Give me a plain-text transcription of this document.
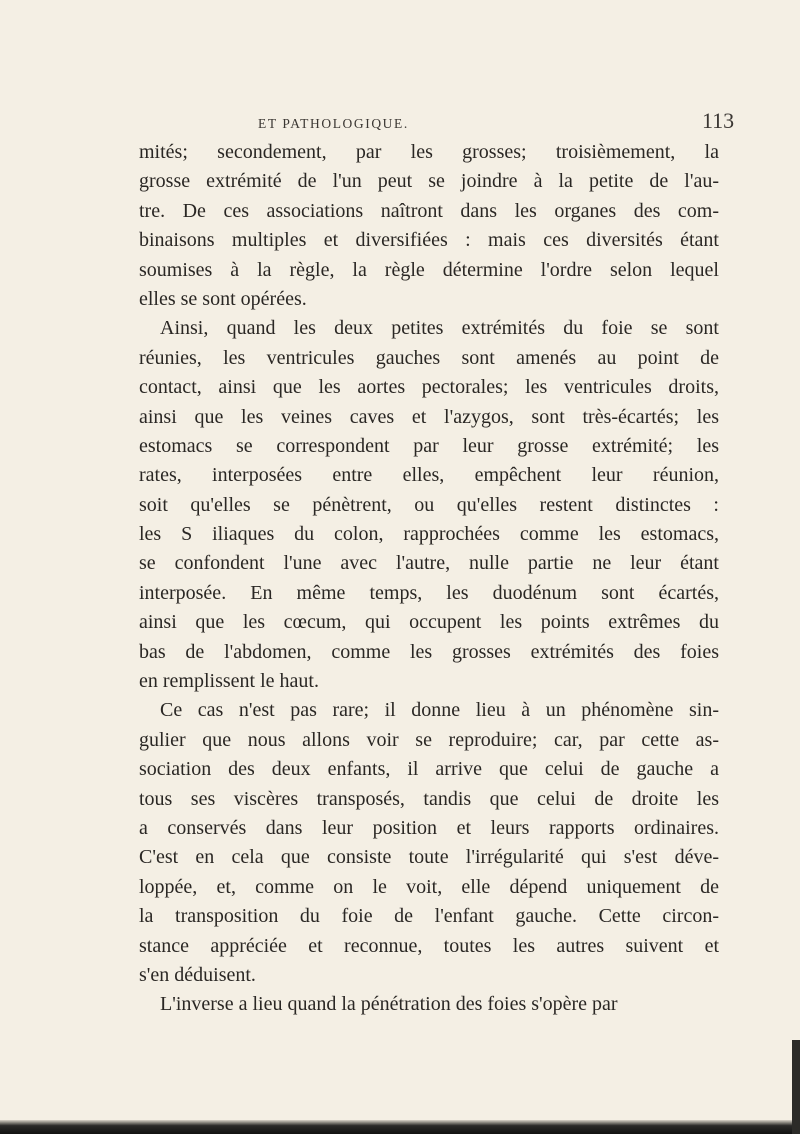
ET PATHOLOGIQUE.	113
mités; secondement, par les grosses; troisièmement, la
grosse extrémité de l'un peut se joindre à la petite de l'au-
tre. De ces associations naîtront dans les organes des com-
binaisons multiples et diversifiées : mais ces diversités étant
soumises à la règle, la règle détermine l'ordre selon lequel
elles se sont opérées.
Ainsi, quand les deux petites extrémités du foie se sont
réunies, les ventricules gauches sont amenés au point de
contact, ainsi que les aortes pectorales; les ventricules droits,
ainsi que les veines caves et l'azygos, sont très-écartés; les
estomacs se correspondent par leur grosse extrémité; les
rates, interposées entre elles, empêchent leur réunion,
soit qu'elles se pénètrent, ou qu'elles restent distinctes :
les S iliaques du colon, rapprochées comme les estomacs,
se confondent l'une avec l'autre, nulle partie ne leur étant
interposée. En même temps, les duodénum sont écartés,
ainsi que les cœcum, qui occupent les points extrêmes du
bas de l'abdomen, comme les grosses extrémités des foies
en remplissent le haut.
Ce cas n'est pas rare; il donne lieu à un phénomène sin-
gulier que nous allons voir se reproduire; car, par cette as-
sociation des deux enfants, il arrive que celui de gauche a
tous ses viscères transposés, tandis que celui de droite les
a conservés dans leur position et leurs rapports ordinaires.
C'est en cela que consiste toute l'irrégularité qui s'est déve-
loppée, et, comme on le voit, elle dépend uniquement de
la transposition du foie de l'enfant gauche. Cette circon-
stance appréciée et reconnue, toutes les autres suivent et
s'en déduisent.
L'inverse a lieu quand la pénétration des foies s'opère par
